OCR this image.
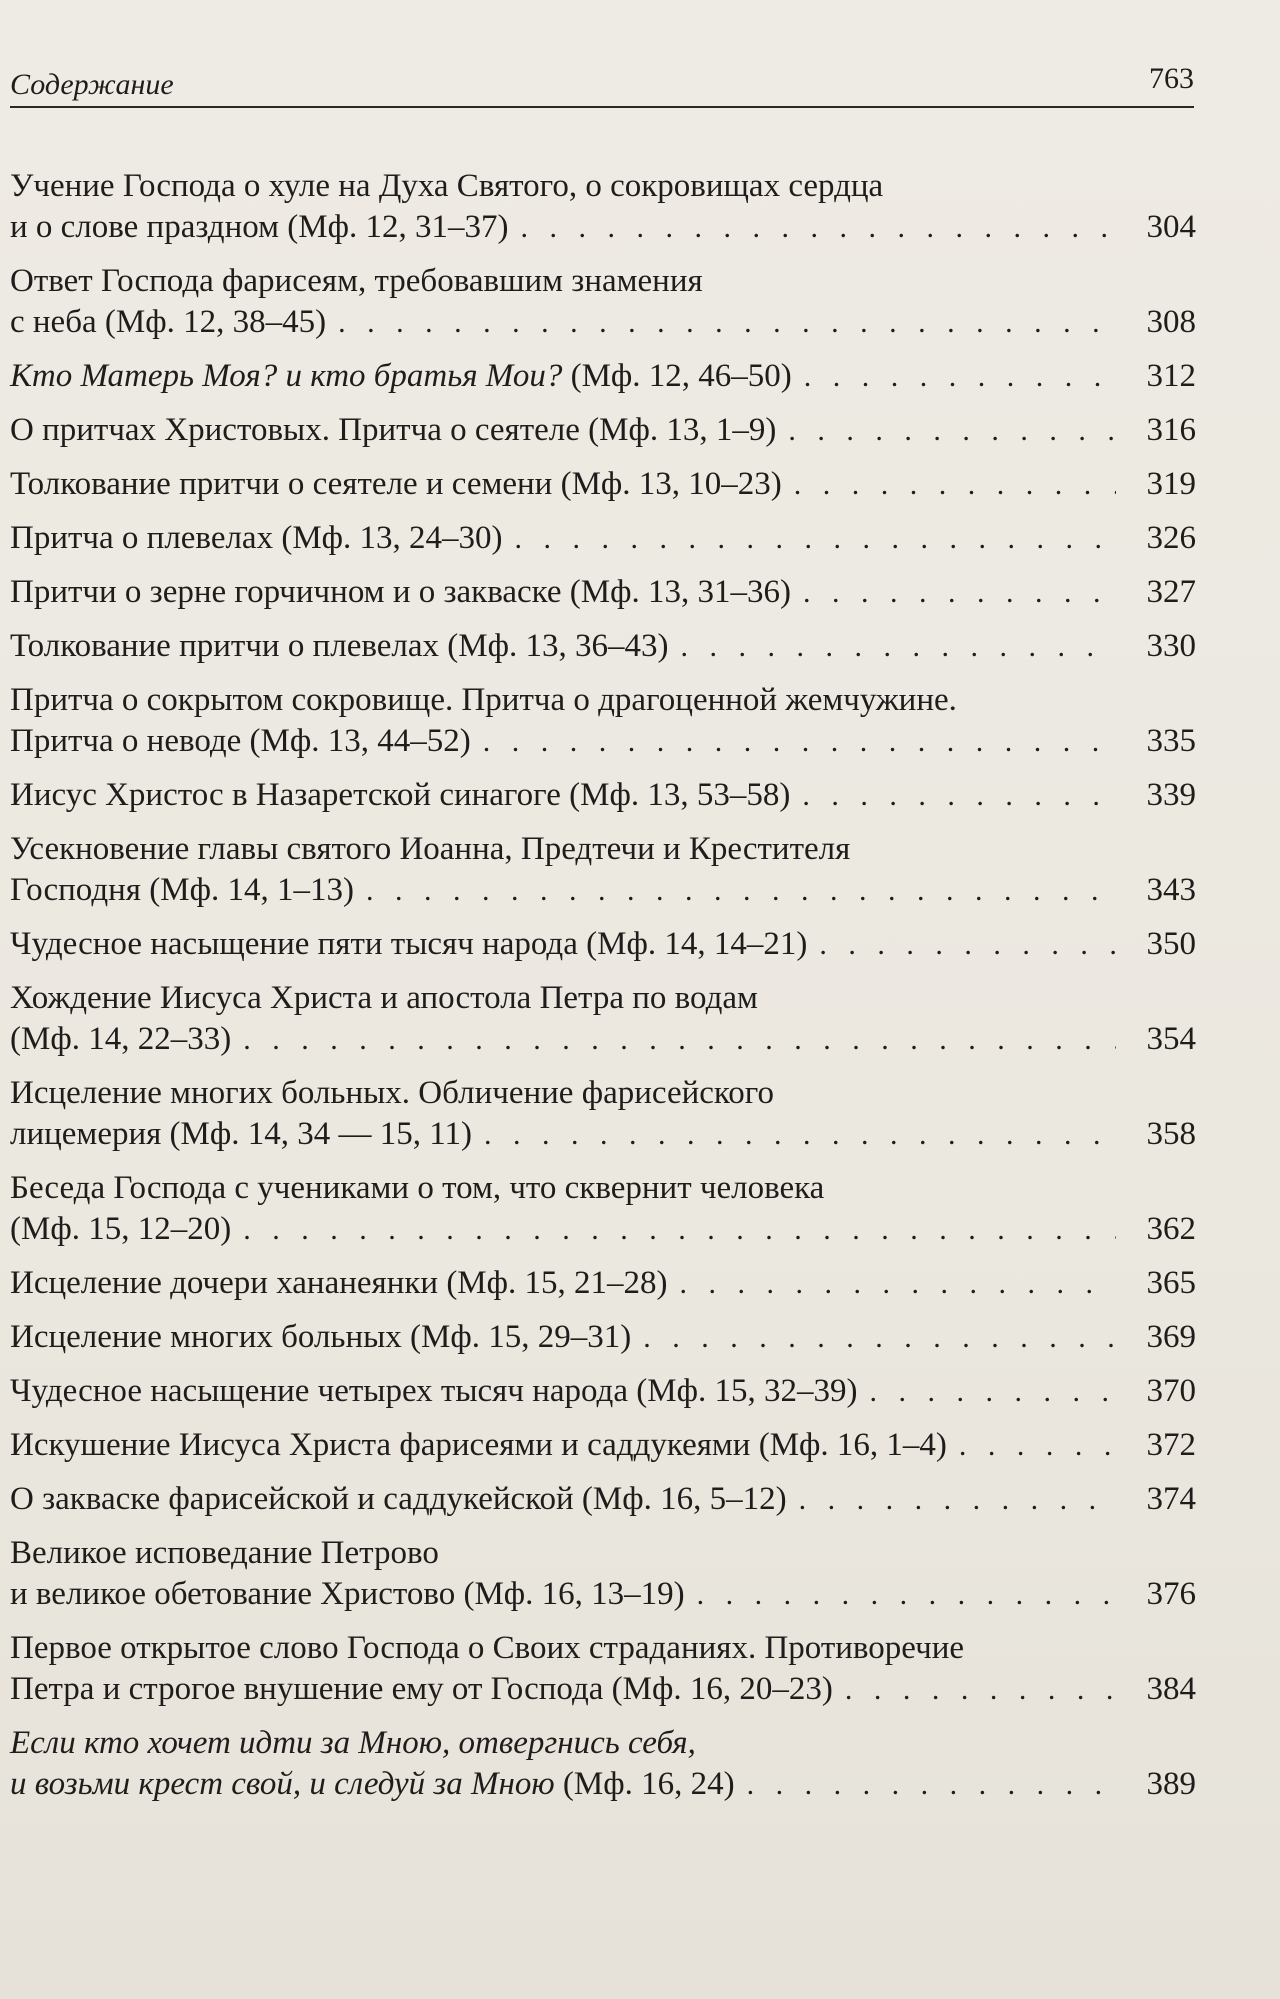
Содержание	763
Учение Господа о хуле на Духа Святого, о сокровищах сердца
и о слове праздном (Мф. 12, 31–37) . . .	304
Ответ Господа фарисеям, требовавшим знамения
с неба (Мф. 12, 38–45) . . .	308
Кто Матерь Моя? и кто братья Мои? (Мф. 12, 46–50) . . .	312
О притчах Христовых. Притча о сеятеле (Мф. 13, 1–9) . . .	316
Толкование притчи о сеятеле и семени (Мф. 13, 10–23) . . .	319
Притча о плевелах (Мф. 13, 24–30) . . .	326
Притчи о зерне горчичном и о закваске (Мф. 13, 31–36) . . .	327
Толкование притчи о плевелах (Мф. 13, 36–43) . . .	330
Притча о сокрытом сокровище. Притча о драгоценной жемчужине.
Притча о неводе (Мф. 13, 44–52) . . .	335
Иисус Христос в Назаретской синагоге (Мф. 13, 53–58) . . .	339
Усекновение главы святого Иоанна, Предтечи и Крестителя
Господня (Мф. 14, 1–13) . . .	343
Чудесное насыщение пяти тысяч народа (Мф. 14, 14–21) . . .	350
Хождение Иисуса Христа и апостола Петра по водам
(Мф. 14, 22–33) . . .	354
Исцеление многих больных. Обличение фарисейского
лицемерия (Мф. 14, 34 — 15, 11) . . .	358
Беседа Господа с учениками о том, что сквернит человека
(Мф. 15, 12–20) . . .	362
Исцеление дочери хананеянки (Мф. 15, 21–28) . . .	365
Исцеление многих больных (Мф. 15, 29–31) . . .	369
Чудесное насыщение четырех тысяч народа (Мф. 15, 32–39) . . .	370
Искушение Иисуса Христа фарисеями и саддукеями (Мф. 16, 1–4) . . .	372
О закваске фарисейской и саддукейской (Мф. 16, 5–12) . . .	374
Великое исповедание Петрово
и великое обетование Христово (Мф. 16, 13–19) . . .	376
Первое открытое слово Господа о Своих страданиях. Противоречие
Петра и строгое внушение ему от Господа (Мф. 16, 20–23) . . .	384
Если кто хочет идти за Мною, отвергнись себя,
и возьми крест свой, и следуй за Мною (Мф. 16, 24) . . .	389
